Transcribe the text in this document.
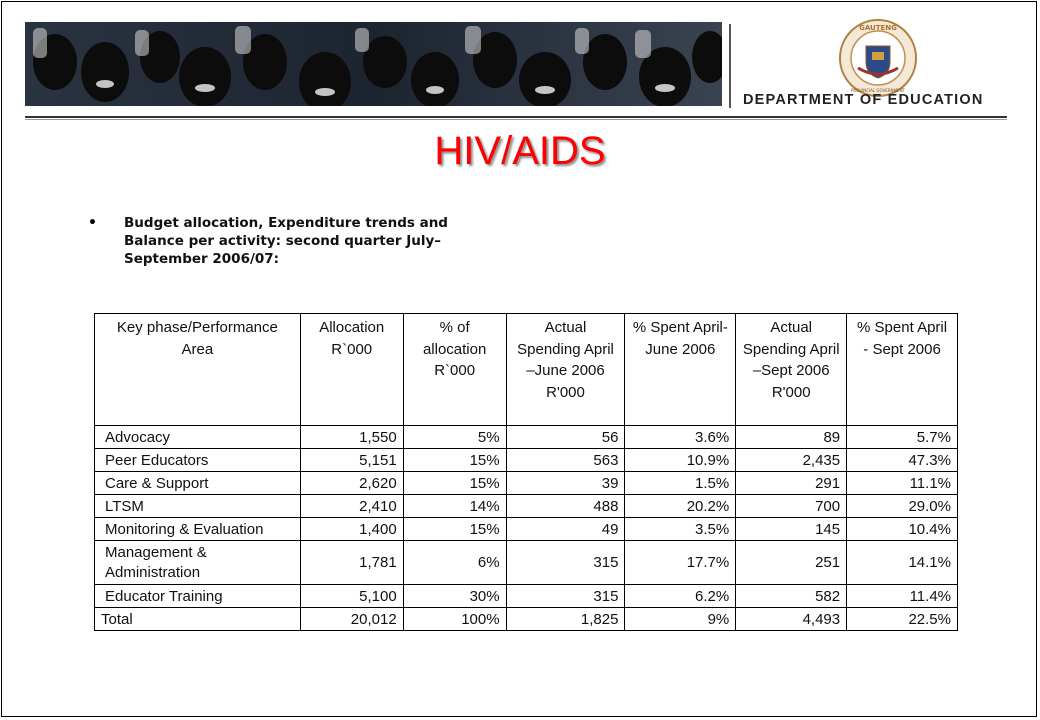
GAUTENG
PROVINCIAL GOVERNMENT
DEPARTMENT OF EDUCATION
HIV/AIDS
• Budget allocation, Expenditure trends and Balance per activity: second quarter July– September 2006/07:
Key phase/Performance Area	Allocation R`000	% of allocation R`000	Actual Spending April –June 2006 R'000	% Spent April-June 2006	Actual Spending April –Sept 2006 R'000	% Spent April - Sept 2006
Advocacy	1,550	5%	56	3.6%	89	5.7%
Peer Educators	5,151	15%	563	10.9%	2,435	47.3%
Care & Support	2,620	15%	39	1.5%	291	11.1%
LTSM	2,410	14%	488	20.2%	700	29.0%
Monitoring & Evaluation	1,400	15%	49	3.5%	145	10.4%
Management & Administration	1,781	6%	315	17.7%	251	14.1%
Educator Training	5,100	30%	315	6.2%	582	11.4%
Total	20,012	100%	1,825	9%	4,493	22.5%
